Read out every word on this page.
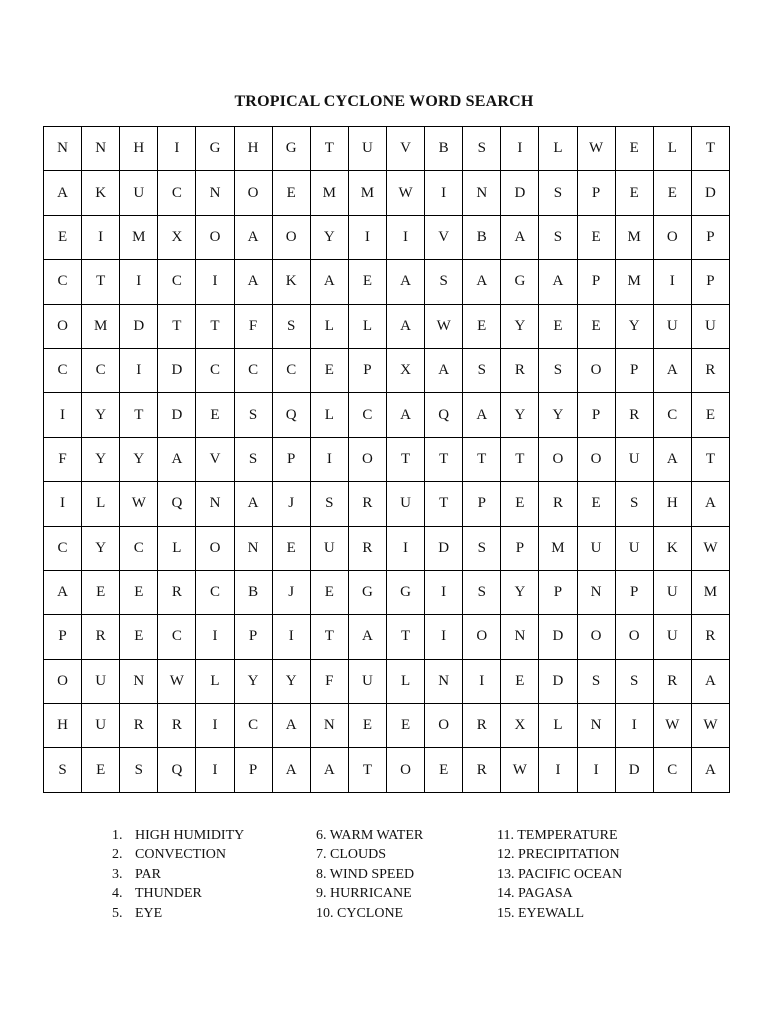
TROPICAL CYCLONE WORD SEARCH
N	N	H	I	G	H	G	T	U	V	B	S	I	L	W	E	L	T
A	K	U	C	N	O	E	M	M	W	I	N	D	S	P	E	E	D
E	I	M	X	O	A	O	Y	I	I	V	B	A	S	E	M	O	P
C	T	I	C	I	A	K	A	E	A	S	A	G	A	P	M	I	P
O	M	D	T	T	F	S	L	L	A	W	E	Y	E	E	Y	U	U
C	C	I	D	C	C	C	E	P	X	A	S	R	S	O	P	A	R
I	Y	T	D	E	S	Q	L	C	A	Q	A	Y	Y	P	R	C	E
F	Y	Y	A	V	S	P	I	O	T	T	T	T	O	O	U	A	T
I	L	W	Q	N	A	J	S	R	U	T	P	E	R	E	S	H	A
C	Y	C	L	O	N	E	U	R	I	D	S	P	M	U	U	K	W
A	E	E	R	C	B	J	E	G	G	I	S	Y	P	N	P	U	M
P	R	E	C	I	P	I	T	A	T	I	O	N	D	O	O	U	R
O	U	N	W	L	Y	Y	F	U	L	N	I	E	D	S	S	R	A
H	U	R	R	I	C	A	N	E	E	O	R	X	L	N	I	W	W
S	E	S	Q	I	P	A	A	T	O	E	R	W	I	I	D	C	A
1. HIGH HUMIDITY
2. CONVECTION
3. PAR
4. THUNDER
5. EYE
6. WARM WATER
7. CLOUDS
8. WIND SPEED
9. HURRICANE
10. CYCLONE
11. TEMPERATURE
12. PRECIPITATION
13. PACIFIC OCEAN
14. PAGASA
15. EYEWALL
